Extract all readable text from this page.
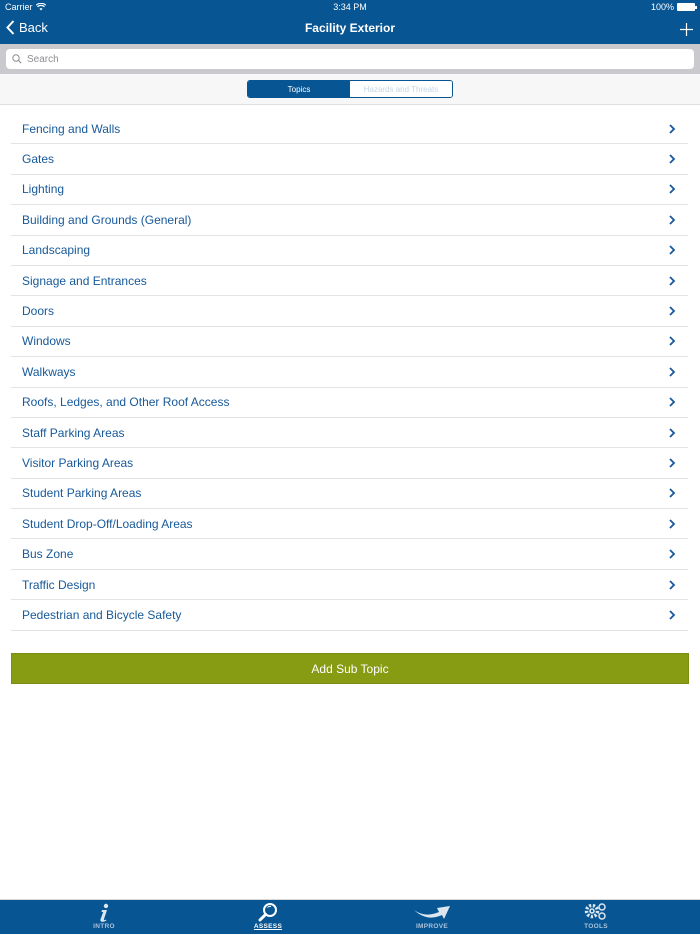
Carrier	3:34 PM	100%
Back	Facility Exterior
Search
Topics	Hazards and Threats
Fencing and Walls
Gates
Lighting
Building and Grounds (General)
Landscaping
Signage and Entrances
Doors
Windows
Walkways
Roofs, Ledges, and Other Roof Access
Staff Parking Areas
Visitor Parking Areas
Student Parking Areas
Student Drop-Off/Loading Areas
Bus Zone
Traffic Design
Pedestrian and Bicycle Safety
Add Sub Topic
INTRO	ASSESS	IMPROVE	TOOLS
